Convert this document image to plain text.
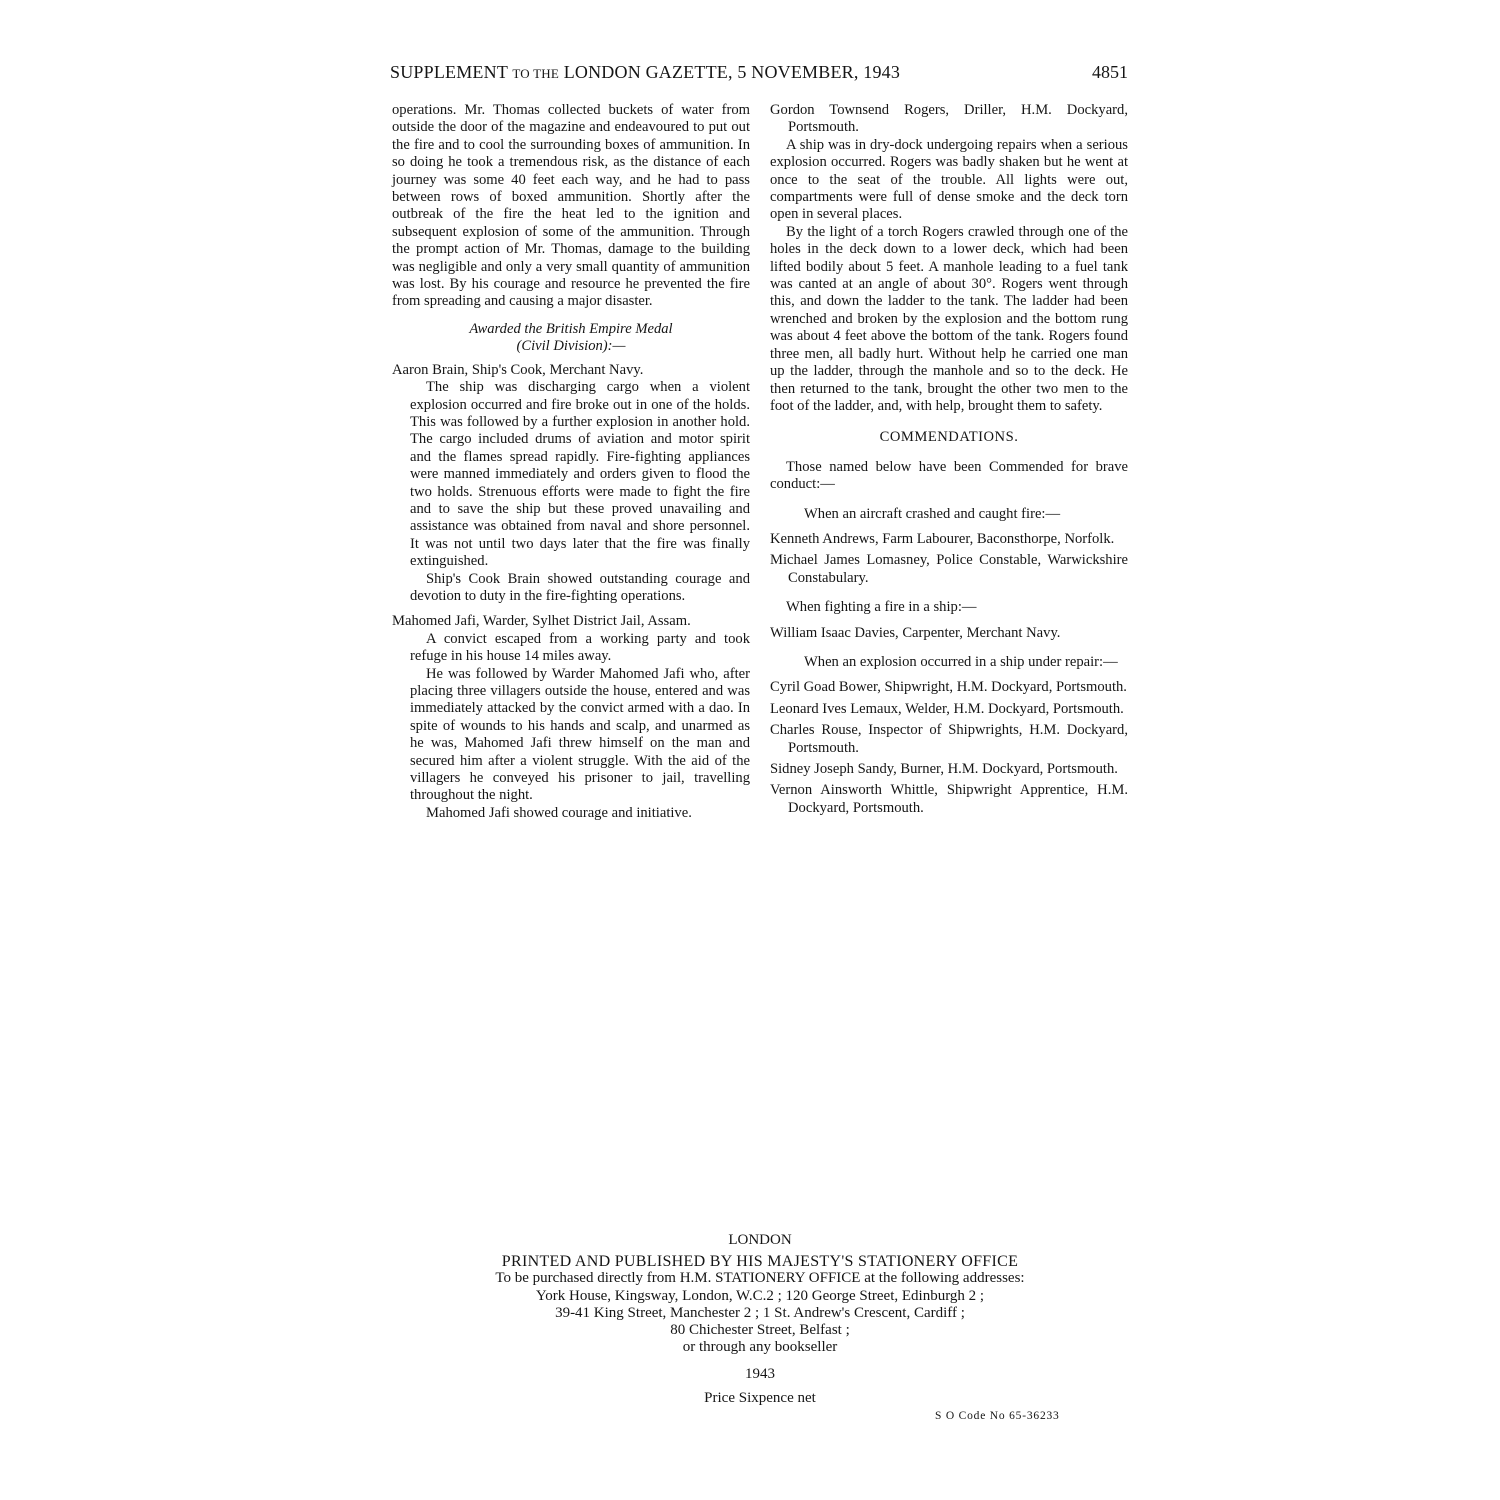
SUPPLEMENT TO THE LONDON GAZETTE, 5 NOVEMBER, 1943	4851

operations. Mr. Thomas collected buckets of water from outside the door of the magazine and endeavoured to put out the fire and to cool the surrounding boxes of ammunition. In so doing he took a tremendous risk, as the distance of each journey was some 40 feet each way, and he had to pass between rows of boxed ammunition. Shortly after the outbreak of the fire the heat led to the ignition and subsequent explosion of some of the ammunition. Through the prompt action of Mr. Thomas, damage to the building was negligible and only a very small quantity of ammunition was lost. By his courage and resource he prevented the fire from spreading and causing a major disaster.

Awarded the British Empire Medal
(Civil Division):—

Aaron Brain, Ship's Cook, Merchant Navy.

The ship was discharging cargo when a violent explosion occurred and fire broke out in one of the holds. This was followed by a further explosion in another hold. The cargo included drums of aviation and motor spirit and the flames spread rapidly. Fire-fighting appliances were manned immediately and orders given to flood the two holds. Strenuous efforts were made to fight the fire and to save the ship but these proved unavailing and assistance was obtained from naval and shore personnel. It was not until two days later that the fire was finally extinguished.

Ship's Cook Brain showed outstanding courage and devotion to duty in the fire-fighting operations.

Mahomed Jafi, Warder, Sylhet District Jail, Assam.

A convict escaped from a working party and took refuge in his house 14 miles away.

He was followed by Warder Mahomed Jafi who, after placing three villagers outside the house, entered and was immediately attacked by the convict armed with a dao. In spite of wounds to his hands and scalp, and unarmed as he was, Mahomed Jafi threw himself on the man and secured him after a violent struggle. With the aid of the villagers he conveyed his prisoner to jail, travelling throughout the night.

Mahomed Jafi showed courage and initiative.

Gordon Townsend Rogers, Driller, H.M. Dockyard, Portsmouth.

A ship was in dry-dock undergoing repairs when a serious explosion occurred. Rogers was badly shaken but he went at once to the seat of the trouble. All lights were out, compartments were full of dense smoke and the deck torn open in several places.

By the light of a torch Rogers crawled through one of the holes in the deck down to a lower deck, which had been lifted bodily about 5 feet. A manhole leading to a fuel tank was canted at an angle of about 30°. Rogers went through this, and down the ladder to the tank. The ladder had been wrenched and broken by the explosion and the bottom rung was about 4 feet above the bottom of the tank. Rogers found three men, all badly hurt. Without help he carried one man up the ladder, through the manhole and so to the deck. He then returned to the tank, brought the other two men to the foot of the ladder, and, with help, brought them to safety.

COMMENDATIONS.

Those named below have been Commended for brave conduct:—

When an aircraft crashed and caught fire:—

Kenneth Andrews, Farm Labourer, Baconsthorpe, Norfolk.

Michael James Lomasney, Police Constable, Warwickshire Constabulary.

When fighting a fire in a ship:—

William Isaac Davies, Carpenter, Merchant Navy.

When an explosion occurred in a ship under repair:—

Cyril Goad Bower, Shipwright, H.M. Dockyard, Portsmouth.

Leonard Ives Lemaux, Welder, H.M. Dockyard, Portsmouth.

Charles Rouse, Inspector of Shipwrights, H.M. Dockyard, Portsmouth.

Sidney Joseph Sandy, Burner, H.M. Dockyard, Portsmouth.

Vernon Ainsworth Whittle, Shipwright Apprentice, H.M. Dockyard, Portsmouth.

LONDON
PRINTED AND PUBLISHED BY HIS MAJESTY'S STATIONERY OFFICE
To be purchased directly from H.M. STATIONERY OFFICE at the following addresses:
York House, Kingsway, London, W.C.2 ; 120 George Street, Edinburgh 2 ;
39-41 King Street, Manchester 2 ; 1 St. Andrew's Crescent, Cardiff ;
80 Chichester Street, Belfast ;
or through any bookseller
1943
Price Sixpence net
S O Code No 65-36233
